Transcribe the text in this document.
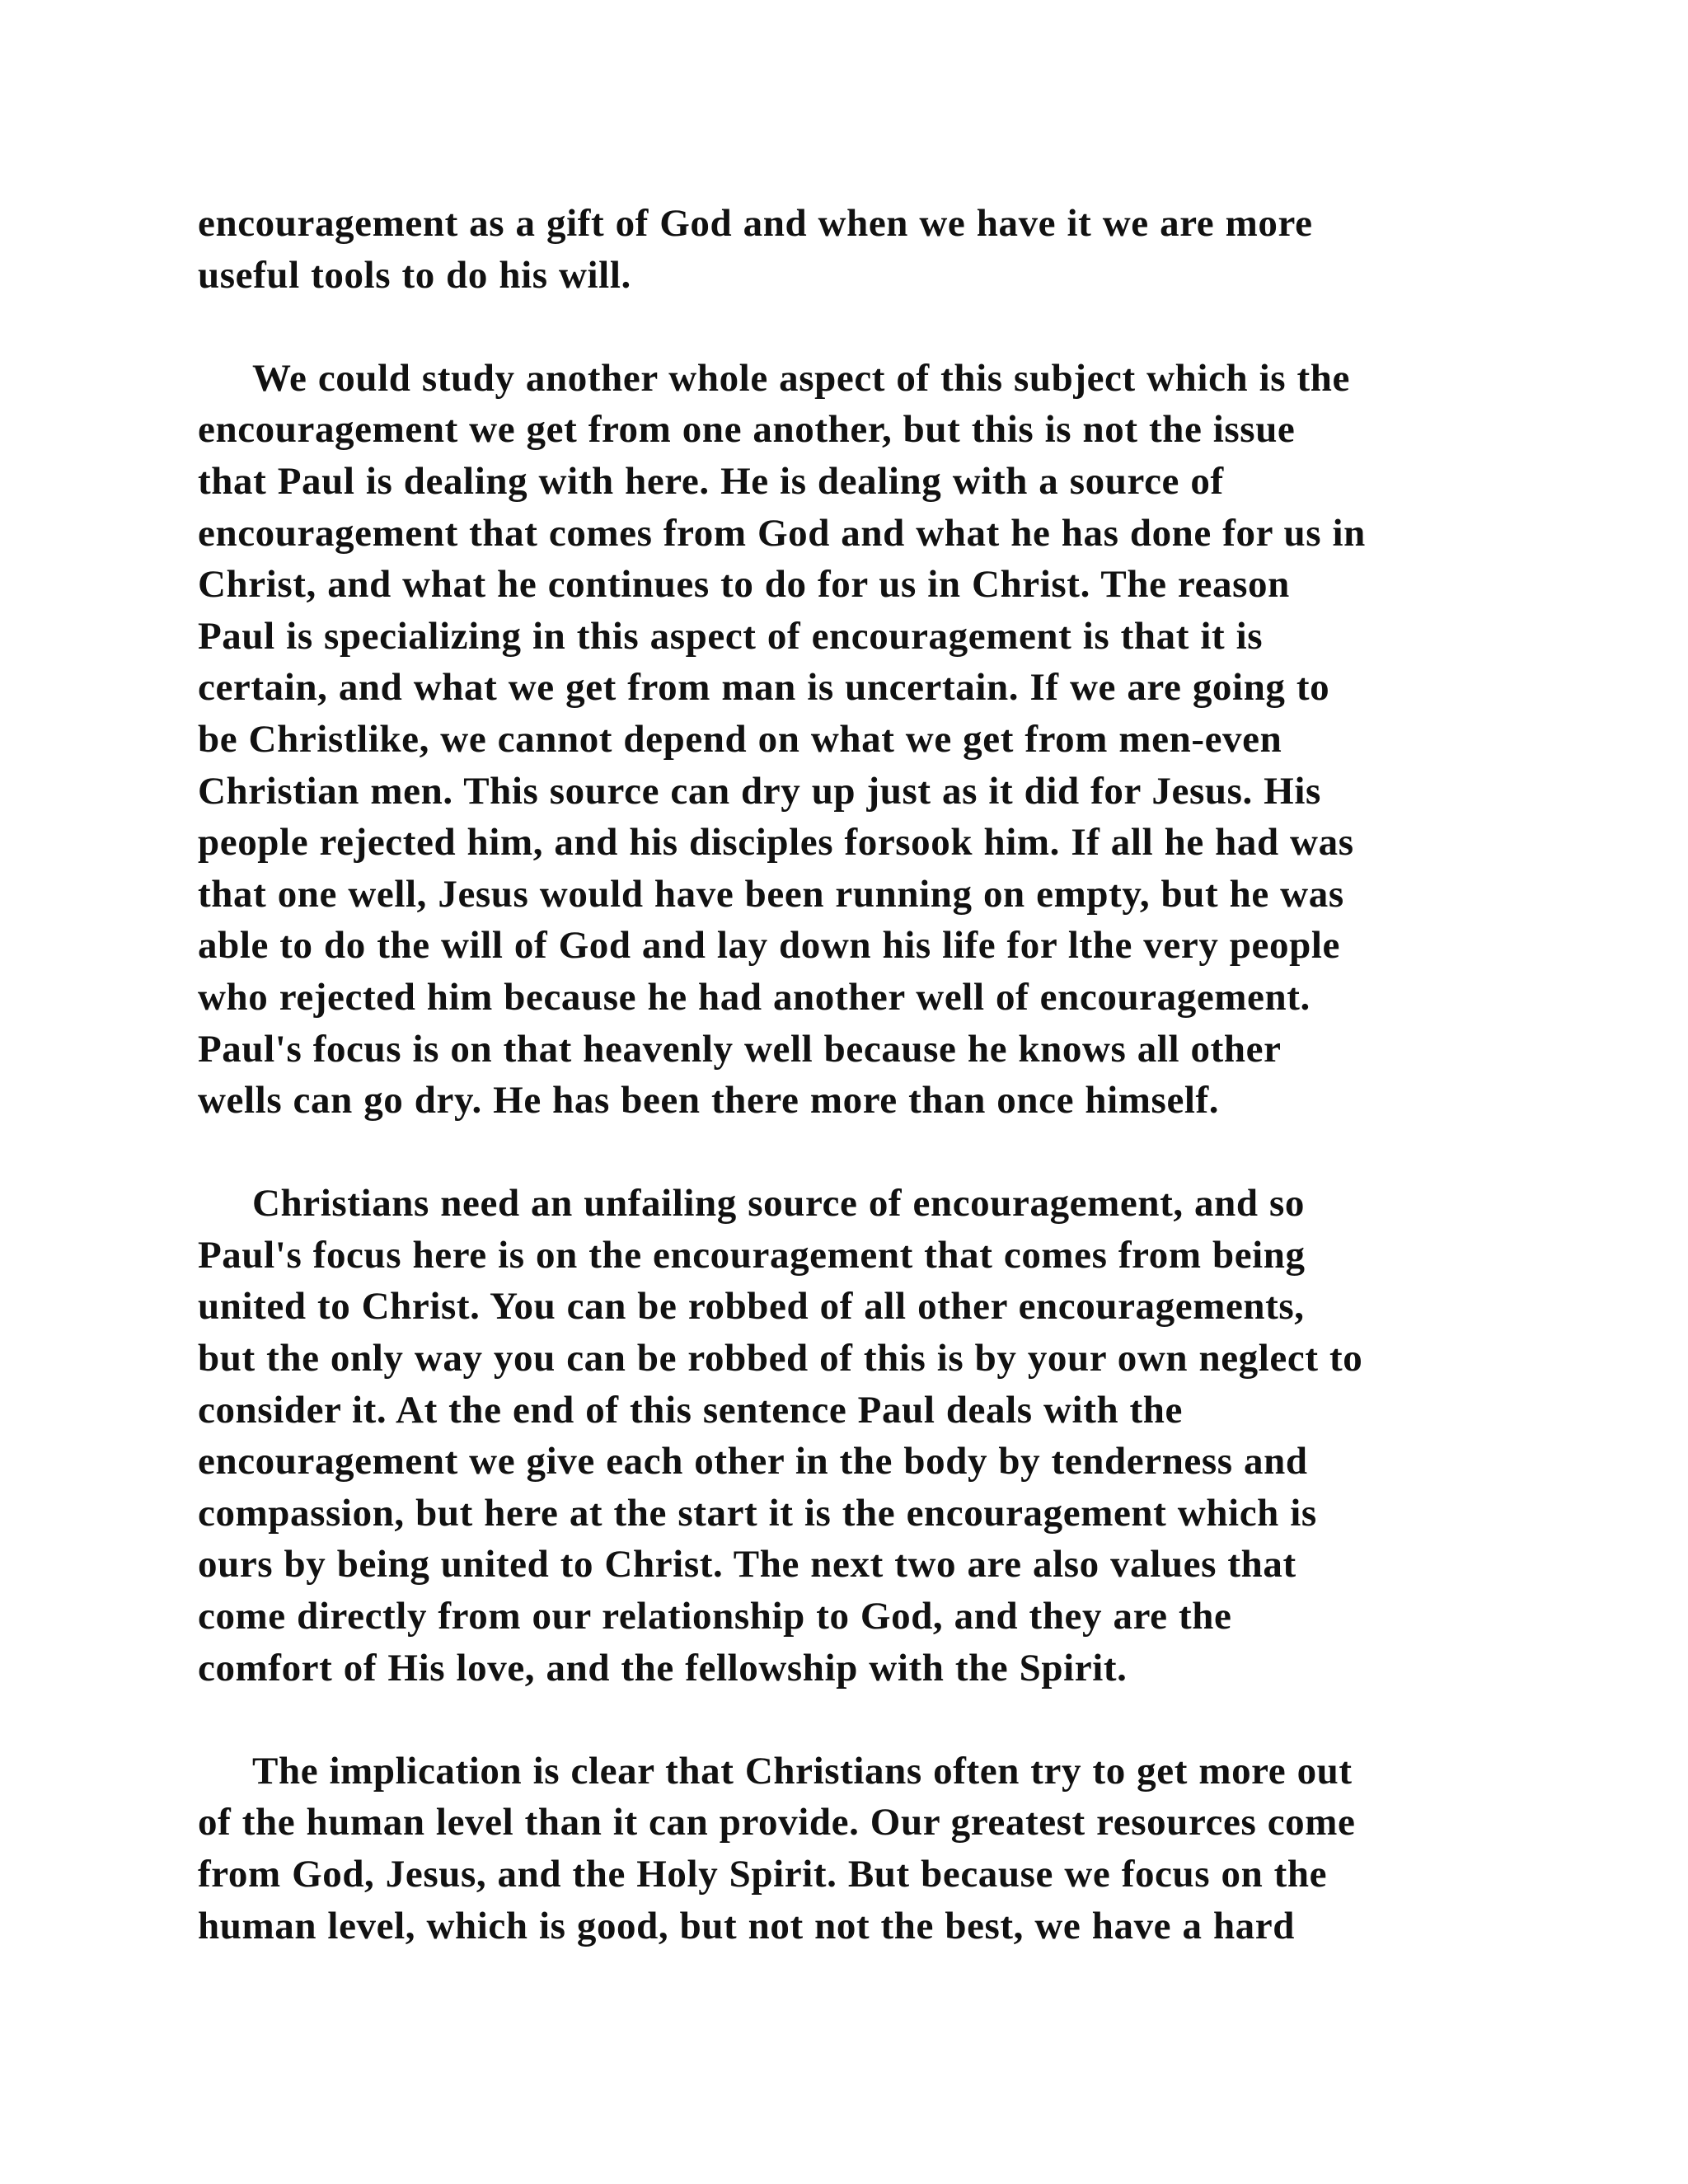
encouragement as a gift of God and when we have it we are more
useful tools to do his will.

We could study another whole aspect of this subject which is the
encouragement we get from one another, but this is not the issue
that Paul is dealing with here. He is dealing with a source of
encouragement that comes from God and what he has done for us in
Christ, and what he continues to do for us in Christ. The reason
Paul is specializing in this aspect of encouragement is that it is
certain, and what we get from man is uncertain. If we are going to
be Christlike, we cannot depend on what we get from men-even
Christian men. This source can dry up just as it did for Jesus. His
people rejected him, and his disciples forsook him. If all he had was
that one well, Jesus would have been running on empty, but he was
able to do the will of God and lay down his life for lthe very people
who rejected him because he had another well of encouragement.
Paul's focus is on that heavenly well because he knows all other
wells can go dry. He has been there more than once himself.

Christians need an unfailing source of encouragement, and so
Paul's focus here is on the encouragement that comes from being
united to Christ. You can be robbed of all other encouragements,
but the only way you can be robbed of this is by your own neglect to
consider it. At the end of this sentence Paul deals with the
encouragement we give each other in the body by tenderness and
compassion, but here at the start it is the encouragement which is
ours by being united to Christ. The next two are also values that
come directly from our relationship to God, and they are the
comfort of His love, and the fellowship with the Spirit.

The implication is clear that Christians often try to get more out
of the human level than it can provide. Our greatest resources come
from God, Jesus, and the Holy Spirit. But because we focus on the
human level, which is good, but not not the best, we have a hard
